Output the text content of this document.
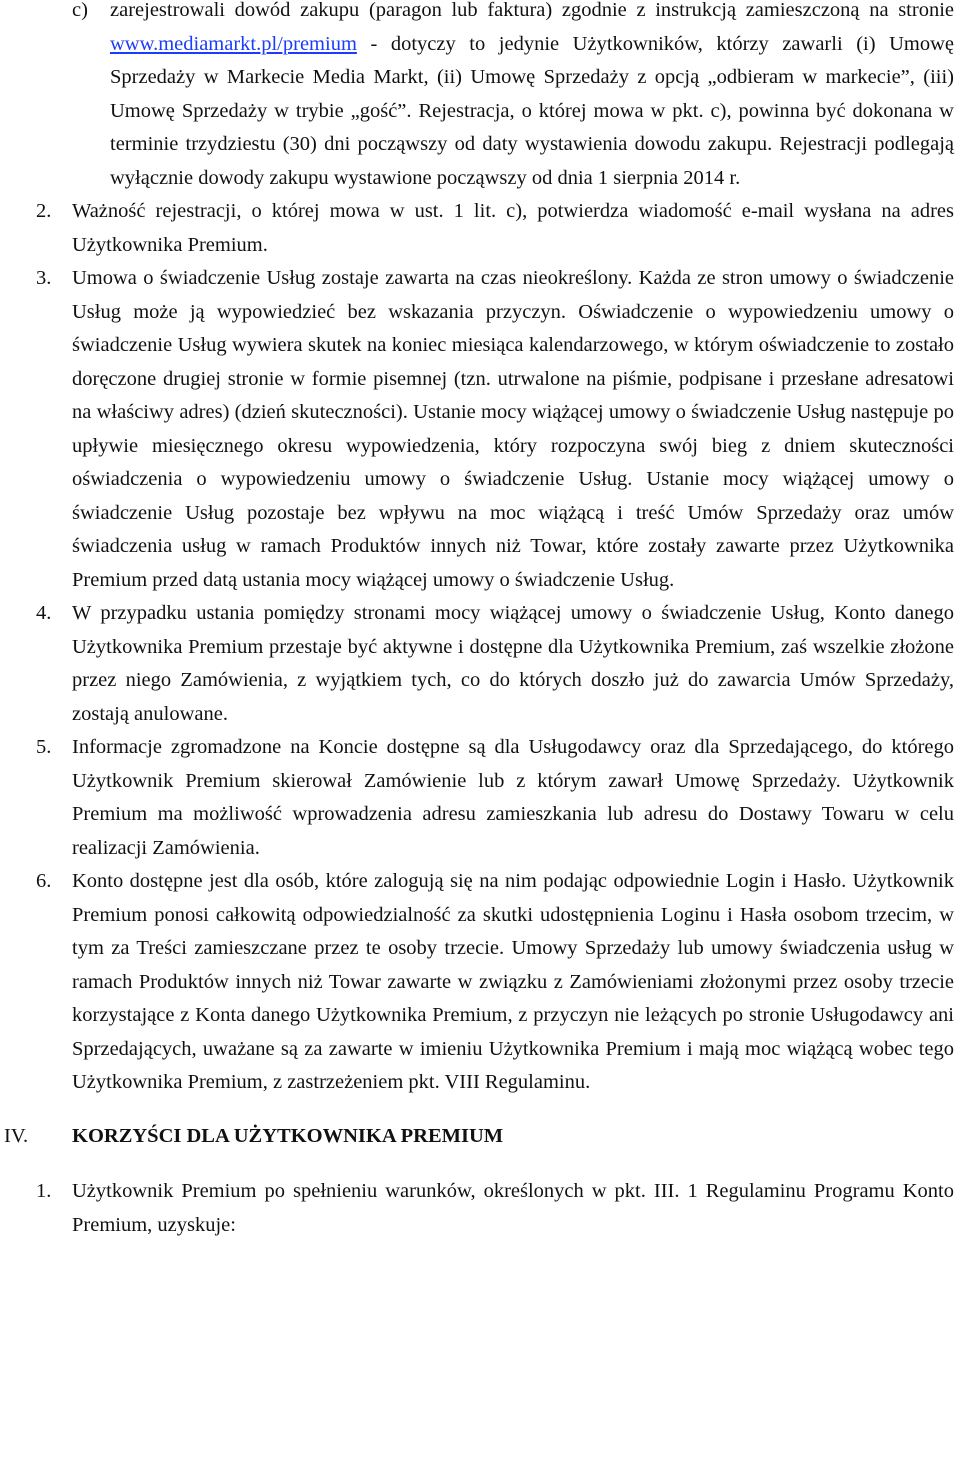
c) zarejestrowali dowód zakupu (paragon lub faktura) zgodnie z instrukcją zamieszczoną na stronie www.mediamarkt.pl/premium - dotyczy to jedynie Użytkowników, którzy zawarli (i) Umowę Sprzedaży w Markecie Media Markt, (ii) Umowę Sprzedaży z opcją „odbieram w markecie”, (iii) Umowę Sprzedaży w trybie „gość”. Rejestracja, o której mowa w pkt. c), powinna być dokonana w terminie trzydziestu (30) dni począwszy od daty wystawienia dowodu zakupu. Rejestracji podlegają wyłącznie dowody zakupu wystawione począwszy od dnia 1 sierpnia 2014 r.
2. Ważność rejestracji, o której mowa w ust. 1 lit. c), potwierdza wiadomość e-mail wysłana na adres Użytkownika Premium.
3. Umowa o świadczenie Usług zostaje zawarta na czas nieokreślony. Każda ze stron umowy o świadczenie Usług może ją wypowiedzieć bez wskazania przyczyn. Oświadczenie o wypowiedzeniu umowy o świadczenie Usług wywiera skutek na koniec miesiąca kalendarzowego, w którym oświadczenie to zostało doręczone drugiej stronie w formie pisemnej (tzn. utrwalone na piśmie, podpisane i przesłane adresatowi na właściwy adres) (dzień skuteczności). Ustanie mocy wiążącej umowy o świadczenie Usług następuje po upływie miesięcznego okresu wypowiedzenia, który rozpoczyna swój bieg z dniem skuteczności oświadczenia o wypowiedzeniu umowy o świadczenie Usług. Ustanie mocy wiążącej umowy o świadczenie Usług pozostaje bez wpływu na moc wiążącą i treść Umów Sprzedaży oraz umów świadczenia usług w ramach Produktów innych niż Towar, które zostały zawarte przez Użytkownika Premium przed datą ustania mocy wiążącej umowy o świadczenie Usług.
4. W przypadku ustania pomiędzy stronami mocy wiążącej umowy o świadczenie Usług, Konto danego Użytkownika Premium przestaje być aktywne i dostępne dla Użytkownika Premium, zaś wszelkie złożone przez niego Zamówienia, z wyjątkiem tych, co do których doszło już do zawarcia Umów Sprzedaży, zostają anulowane.
5. Informacje zgromadzone na Koncie dostępne są dla Usługodawcy oraz dla Sprzedającego, do którego Użytkownik Premium skierował Zamówienie lub z którym zawarł Umowę Sprzedaży. Użytkownik Premium ma możliwość wprowadzenia adresu zamieszkania lub adresu do Dostawy Towaru w celu realizacji Zamówienia.
6. Konto dostępne jest dla osób, które zalogują się na nim podając odpowiednie Login i Hasło. Użytkownik Premium ponosi całkowitą odpowiedzialność za skutki udostępnienia Loginu i Hasła osobom trzecim, w tym za Treści zamieszczane przez te osoby trzecie. Umowy Sprzedaży lub umowy świadczenia usług w ramach Produktów innych niż Towar zawarte w związku z Zamówieniami złożonymi przez osoby trzecie korzystające z Konta danego Użytkownika Premium, z przyczyn nie leżących po stronie Usługodawcy ani Sprzedających, uważane są za zawarte w imieniu Użytkownika Premium i mają moc wiążącą wobec tego Użytkownika Premium, z zastrzeżeniem pkt. VIII Regulaminu.
IV. KORZYŚCI DLA UŻYTKOWNIKA PREMIUM
1. Użytkownik Premium po spełnieniu warunków, określonych w pkt. III. 1 Regulaminu Programu Konto Premium, uzyskuje:
